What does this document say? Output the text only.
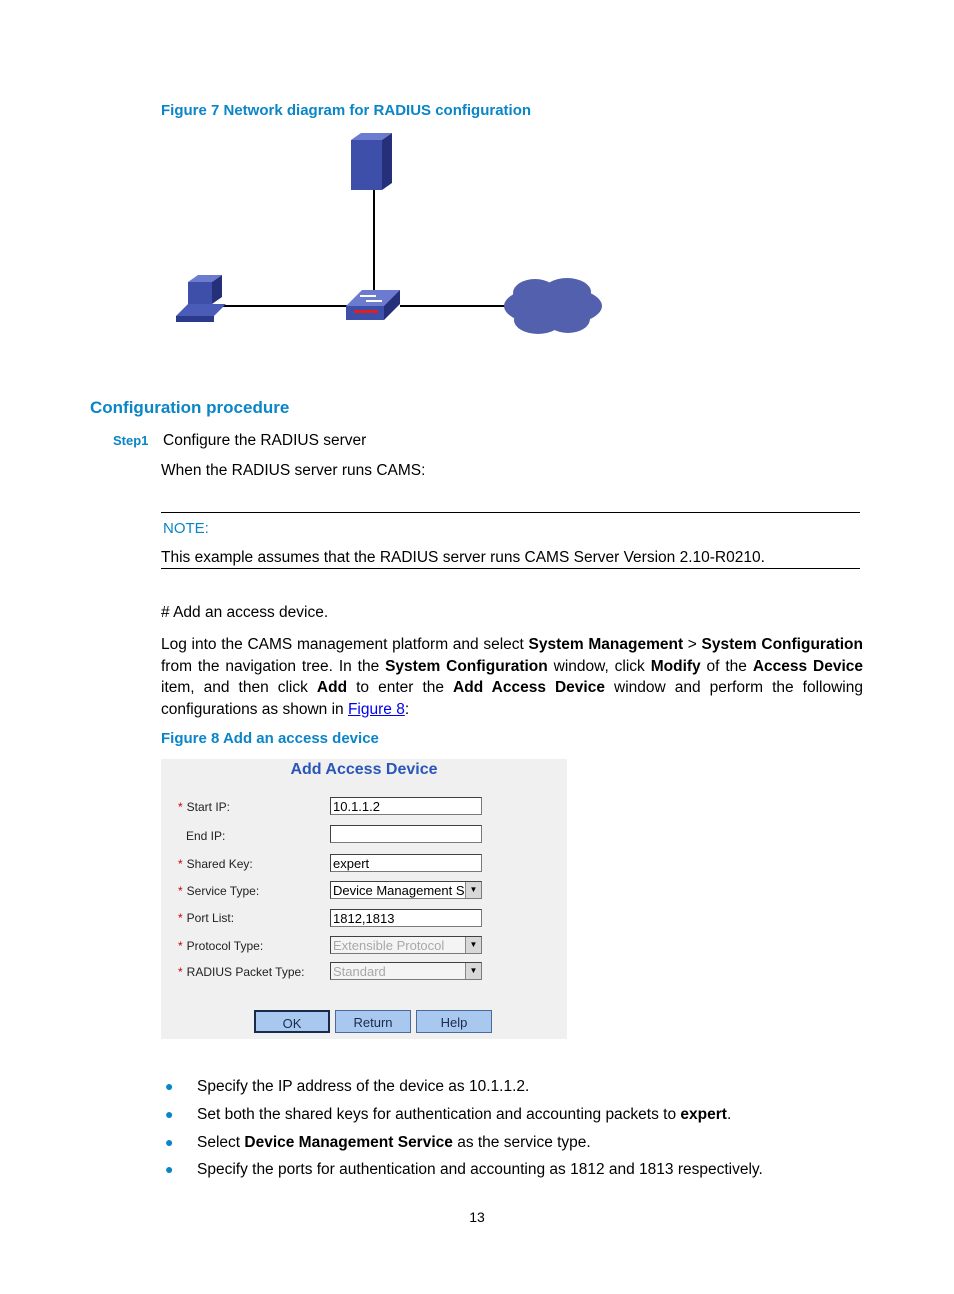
Figure 7 Network diagram for RADIUS configuration
Configuration procedure
Step1 Configure the RADIUS server
When the RADIUS server runs CAMS:
NOTE:
This example assumes that the RADIUS server runs CAMS Server Version 2.10-R0210.
# Add an access device.
Log into the CAMS management platform and select System Management > System Configuration from the navigation tree. In the System Configuration window, click Modify of the Access Device item, and then click Add to enter the Add Access Device window and perform the following configurations as shown in Figure 8:
Figure 8 Add an access device
Add Access Device
* Start IP:	10.1.1.2
End IP:
* Shared Key:	expert
* Service Type:	Device Management S ▼
* Port List:	1812,1813
* Protocol Type:	Extensible Protocol	▼
* RADIUS Packet Type: Standard	▼
OK	Return	Help
● Specify the IP address of the device as 10.1.1.2.
● Set both the shared keys for authentication and accounting packets to expert.
● Select Device Management Service as the service type.
● Specify the ports for authentication and accounting as 1812 and 1813 respectively.
13
